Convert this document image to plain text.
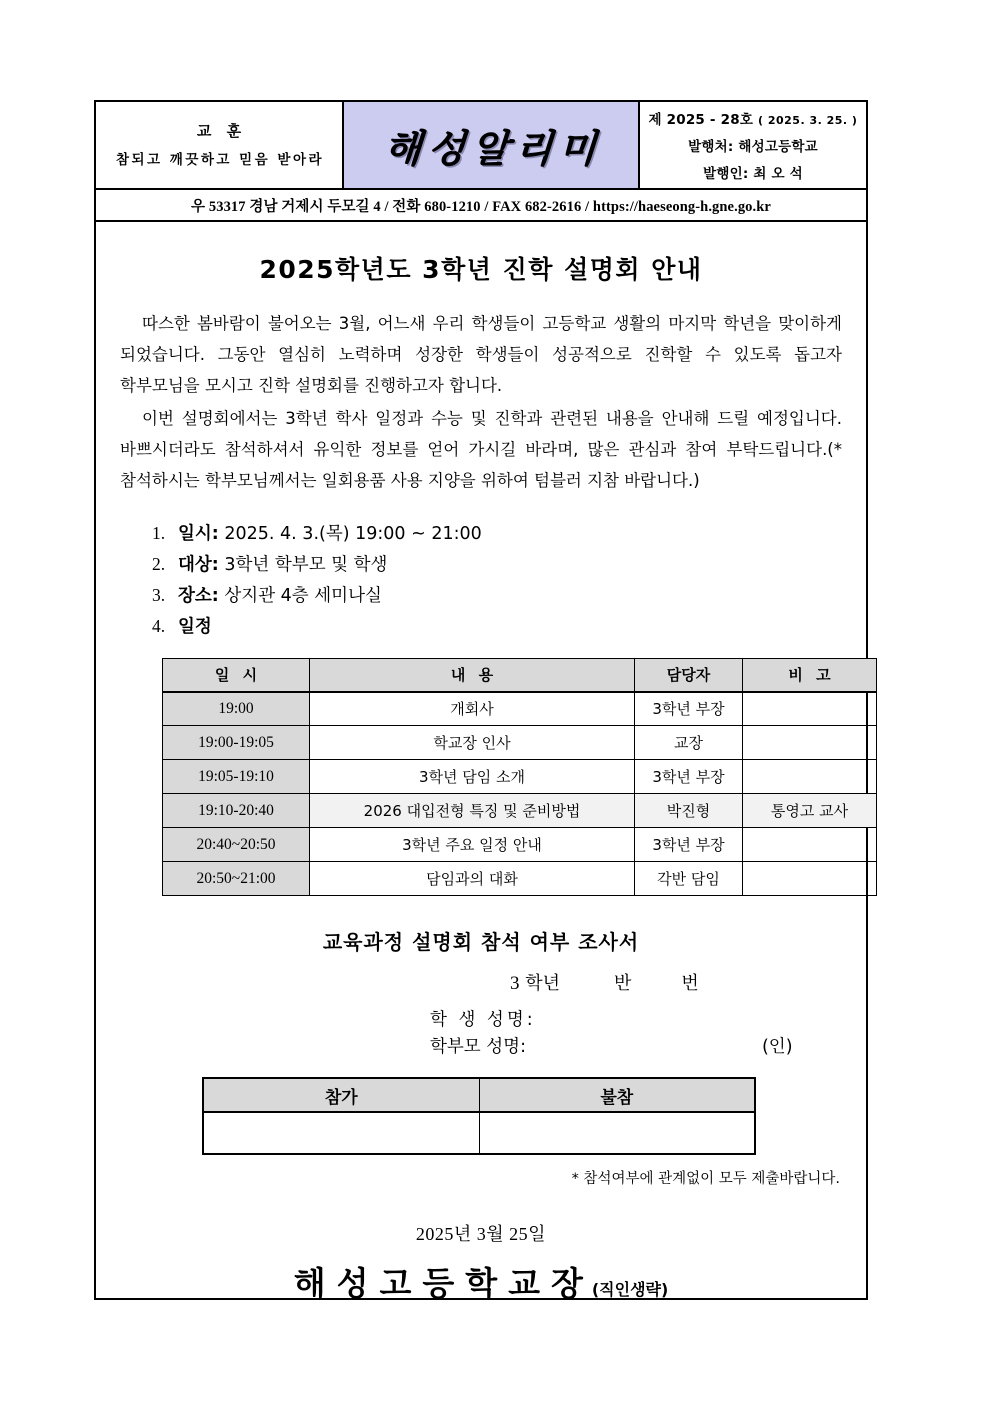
교 훈
참되고 깨끗하고 믿음 받아라 해성알리미
제 2025 - 28호 ( 2025. 3. 25. )
발행처: 해성고등학교
발행인: 최 오 석
우 53317 경남 거제시 두모길 4 / 전화 680-1210 / FAX 682-2616 / https://haeseong-h.gne.go.kr
2025학년도 3학년 진학 설명회 안내

따스한 봄바람이 불어오는 3월, 어느새 우리 학생들이 고등학교 생활의 마지막 학년을 맞이하게 되었습니다. 그동안 열심히 노력하며 성장한 학생들이 성공적으로 진학할 수 있도록 돕고자 학부모님을 모시고 진학 설명회를 진행하고자 합니다.

이번 설명회에서는 3학년 학사 일정과 수능 및 진학과 관련된 내용을 안내해 드릴 예정입니다. 바쁘시더라도 참석하셔서 유익한 정보를 얻어 가시길 바라며, 많은 관심과 참여 부탁드립니다.(*참석하시는 학부모님께서는 일회용품 사용 지양을 위하여 텀블러 지참 바랍니다.)

1. 일시: 2025. 4. 3.(목) 19:00 ~ 21:00
2. 대상: 3학년 학부모 및 학생
3. 장소: 상지관 4층 세미나실
4. 일정
일 시	내 용	담당자	비 고
19:00	개회사	3학년 부장	
19:00-19:05	학교장 인사	교장	
19:05-19:10	3학년 담임 소개	3학년 부장	
19:10-20:40	2026 대입전형 특징 및 준비방법	박진형	통영고 교사
20:40~20:50	3학년 주요 일정 안내	3학년 부장	
20:50~21:00	담임과의 대화	각반 담임	
교육과정 설명회 참석 여부 조사서
3 학년	반	번
학 생 성명:
학부모 성명:	(인)
참가	불참

* 참석여부에 관계없이 모두 제출바랍니다.
2025년 3월 25일
해성고등학교장(직인생략)
